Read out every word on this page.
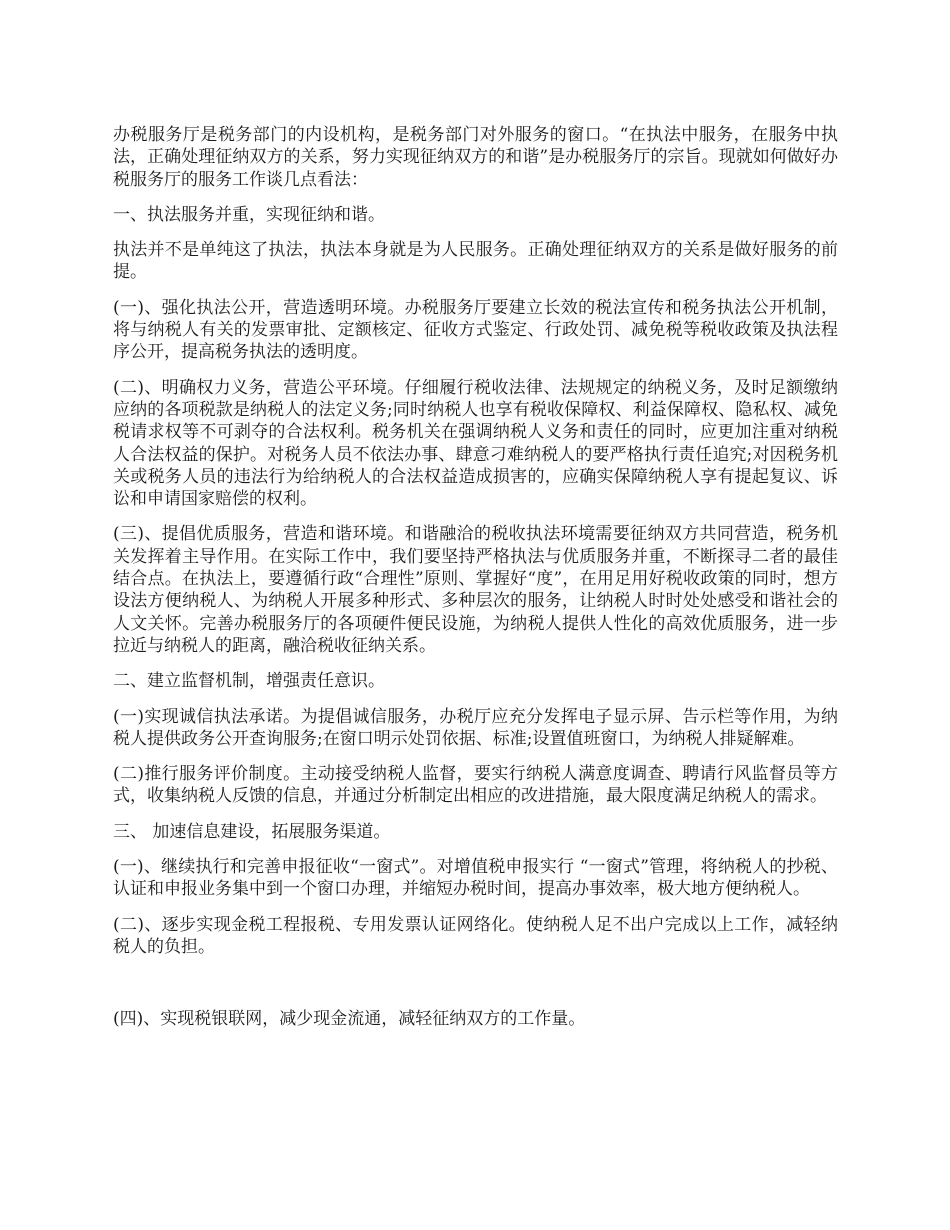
办税服务厅是税务部门的内设机构，是税务部门对外服务的窗口。“在执法中服务，在服务中执法，正确处理征纳双方的关系，努力实现征纳双方的和谐”是办税服务厅的宗旨。现就如何做好办税服务厅的服务工作谈几点看法：

一、执法服务并重，实现征纳和谐。

执法并不是单纯这了执法，执法本身就是为人民服务。正确处理征纳双方的关系是做好服务的前提。

(一)、强化执法公开，营造透明环境。办税服务厅要建立长效的税法宣传和税务执法公开机制，将与纳税人有关的发票审批、定额核定、征收方式鉴定、行政处罚、减免税等税收政策及执法程序公开，提高税务执法的透明度。

(二)、明确权力义务，营造公平环境。仔细履行税收法律、法规规定的纳税义务，及时足额缴纳应纳的各项税款是纳税人的法定义务;同时纳税人也享有税收保障权、利益保障权、隐私权、减免税请求权等不可剥夺的合法权利。税务机关在强调纳税人义务和责任的同时，应更加注重对纳税人合法权益的保护。对税务人员不依法办事、肆意刁难纳税人的要严格执行责任追究;对因税务机关或税务人员的违法行为给纳税人的合法权益造成损害的，应确实保障纳税人享有提起复议、诉讼和申请国家赔偿的权利。

(三)、提倡优质服务，营造和谐环境。和谐融洽的税收执法环境需要征纳双方共同营造，税务机关发挥着主导作用。在实际工作中，我们要坚持严格执法与优质服务并重，不断探寻二者的最佳结合点。在执法上，要遵循行政“合理性”原则、掌握好“度”，在用足用好税收政策的同时，想方设法方便纳税人、为纳税人开展多种形式、多种层次的服务，让纳税人时时处处感受和谐社会的人文关怀。完善办税服务厅的各项硬件便民设施，为纳税人提供人性化的高效优质服务，进一步拉近与纳税人的距离，融洽税收征纳关系。

二、建立监督机制，增强责任意识。

(一)实现诚信执法承诺。为提倡诚信服务，办税厅应充分发挥电子显示屏、告示栏等作用，为纳税人提供政务公开查询服务;在窗口明示处罚依据、标准;设置值班窗口，为纳税人排疑解难。

(二)推行服务评价制度。主动接受纳税人监督，要实行纳税人满意度调查、聘请行风监督员等方式，收集纳税人反馈的信息，并通过分析制定出相应的改进措施，最大限度满足纳税人的需求。

三、 加速信息建设，拓展服务渠道。

(一)、继续执行和完善申报征收“一窗式”。对增值税申报实行 “一窗式”管理，将纳税人的抄税、认证和申报业务集中到一个窗口办理，并缩短办税时间，提高办事效率，极大地方便纳税人。

(二)、逐步实现金税工程报税、专用发票认证网络化。使纳税人足不出户完成以上工作，减轻纳税人的负担。

(四)、实现税银联网，减少现金流通，减轻征纳双方的工作量。
